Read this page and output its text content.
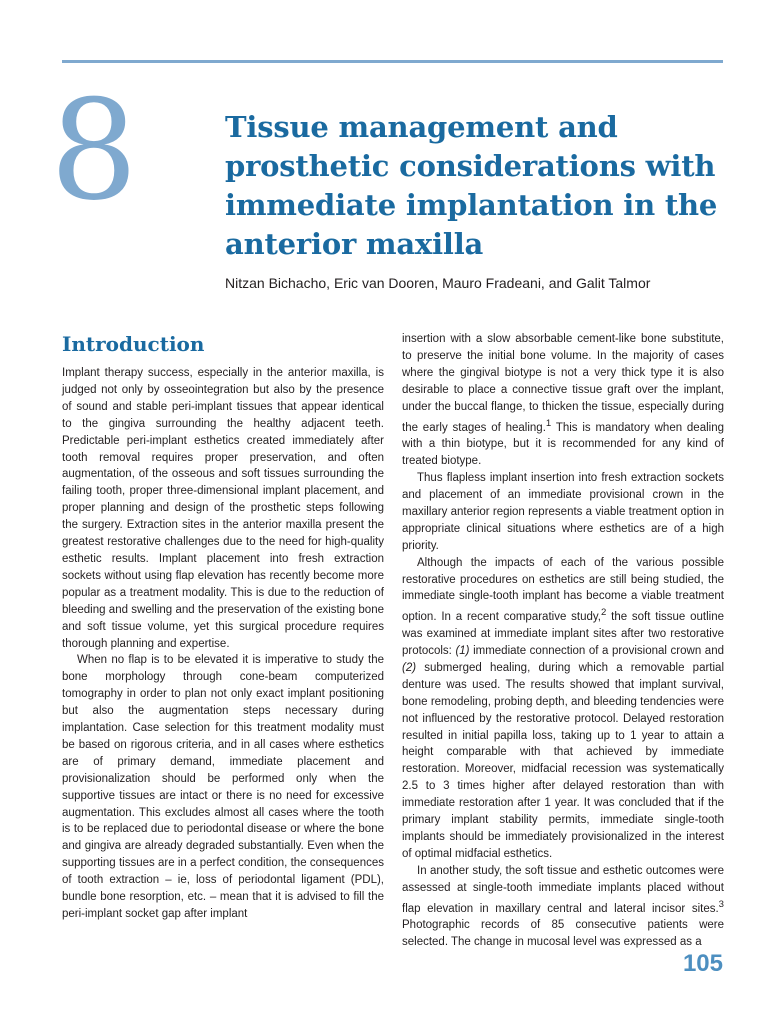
8	Tissue management and prosthetic considerations with immediate implantation in the anterior maxilla
Nitzan Bichacho, Eric van Dooren, Mauro Fradeani, and Galit Talmor
Introduction

Implant therapy success, especially in the anterior maxilla, is judged not only by osseointegration but also by the presence of sound and stable peri-implant tissues that appear identical to the gingiva surrounding the healthy adjacent teeth. Predictable peri-implant esthetics created immediately after tooth removal requires proper preservation, and often augmentation, of the osseous and soft tissues surrounding the failing tooth, proper three-dimensional implant placement, and proper planning and design of the prosthetic steps following the surgery. Extraction sites in the anterior maxilla present the greatest restorative challenges due to the need for high-quality esthetic results. Implant placement into fresh extraction sockets without using flap elevation has recently become more popular as a treatment modality. This is due to the reduction of bleeding and swelling and the preservation of the existing bone and soft tissue volume, yet this surgical procedure requires thorough planning and expertise.

When no flap is to be elevated it is imperative to study the bone morphology through cone-beam computerized tomography in order to plan not only exact implant positioning but also the augmentation steps necessary during implantation. Case selection for this treatment modality must be based on rigorous criteria, and in all cases where esthetics are of primary demand, immediate placement and provisionalization should be performed only when the supportive tissues are intact or there is no need for excessive augmentation. This excludes almost all cases where the tooth is to be replaced due to periodontal disease or where the bone and gingiva are already degraded substantially. Even when the supporting tissues are in a perfect condition, the consequences of tooth extraction – ie, loss of periodontal ligament (PDL), bundle bone resorption, etc. – mean that it is advised to fill the peri-implant socket gap after implant

insertion with a slow absorbable cement-like bone substitute, to preserve the initial bone volume. In the majority of cases where the gingival biotype is not a very thick type it is also desirable to place a connective tissue graft over the implant, under the buccal flange, to thicken the tissue, especially during the early stages of healing.$^1$ This is mandatory when dealing with a thin biotype, but it is recommended for any kind of treated biotype.

Thus flapless implant insertion into fresh extraction sockets and placement of an immediate provisional crown in the maxillary anterior region represents a viable treatment option in appropriate clinical situations where esthetics are of a high priority.

Although the impacts of each of the various possible restorative procedures on esthetics are still being studied, the immediate single-tooth implant has become a viable treatment option. In a recent comparative study,$^2$ the soft tissue outline was examined at immediate implant sites after two restorative protocols: (1) immediate connection of a provisional crown and (2) submerged healing, during which a removable partial denture was used. The results showed that implant survival, bone remodeling, probing depth, and bleeding tendencies were not influenced by the restorative protocol. Delayed restoration resulted in initial papilla loss, taking up to 1 year to attain a height comparable with that achieved by immediate restoration. Moreover, midfacial recession was systematically 2.5 to 3 times higher after delayed restoration than with immediate restoration after 1 year. It was concluded that if the primary implant stability permits, immediate single-tooth implants should be immediately provisionalized in the interest of optimal midfacial esthetics.

In another study, the soft tissue and esthetic outcomes were assessed at single-tooth immediate implants placed without flap elevation in maxillary central and lateral incisor sites.$^3$ Photographic records of 85 consecutive patients were selected. The change in mucosal level was expressed as a

105
